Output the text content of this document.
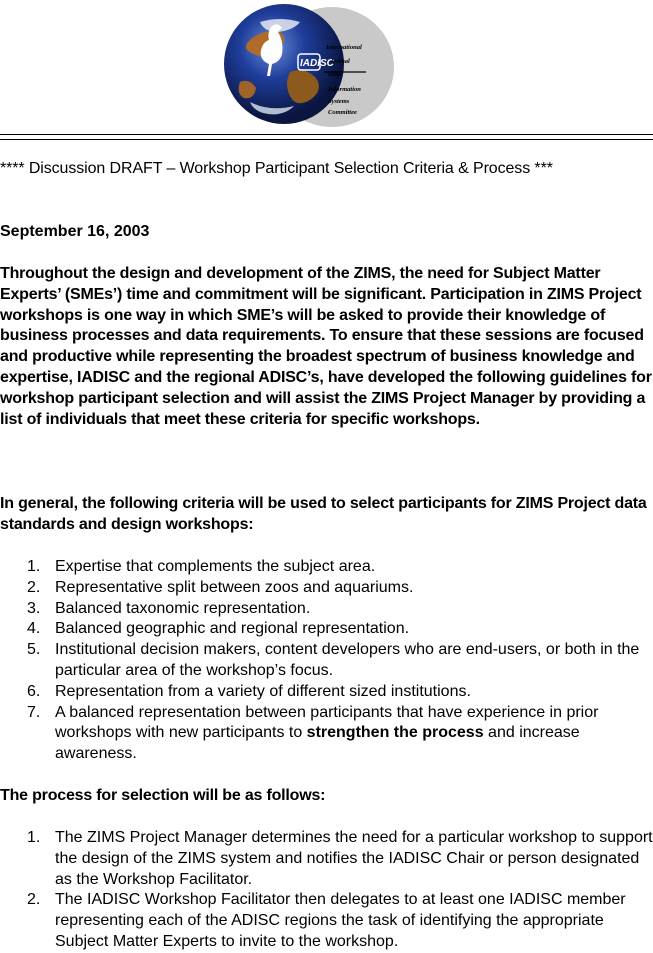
IADISC
International
Animal
Data
Information
Systems
Committee
**** Discussion DRAFT – Workshop Participant Selection Criteria & Process ***
September 16, 2003
Throughout the design and development of the ZIMS, the need for Subject Matter Experts’ (SMEs’) time and commitment will be significant. Participation in ZIMS Project workshops is one way in which SME’s will be asked to provide their knowledge of business processes and data requirements. To ensure that these sessions are focused and productive while representing the broadest spectrum of business knowledge and expertise, IADISC and the regional ADISC’s, have developed the following guidelines for workshop participant selection and will assist the ZIMS Project Manager by providing a list of individuals that meet these criteria for specific workshops.
In general, the following criteria will be used to select participants for ZIMS Project data standards and design workshops:
1. Expertise that complements the subject area.
2. Representative split between zoos and aquariums.
3. Balanced taxonomic representation.
4. Balanced geographic and regional representation.
5. Institutional decision makers, content developers who are end-users, or both in the particular area of the workshop’s focus.
6. Representation from a variety of different sized institutions.
7. A balanced representation between participants that have experience in prior workshops with new participants to strengthen the process and increase awareness.
The process for selection will be as follows:
1. The ZIMS Project Manager determines the need for a particular workshop to support the design of the ZIMS system and notifies the IADISC Chair or person designated as the Workshop Facilitator.
2. The IADISC Workshop Facilitator then delegates to at least one IADISC member representing each of the ADISC regions the task of identifying the appropriate Subject Matter Experts to invite to the workshop.
